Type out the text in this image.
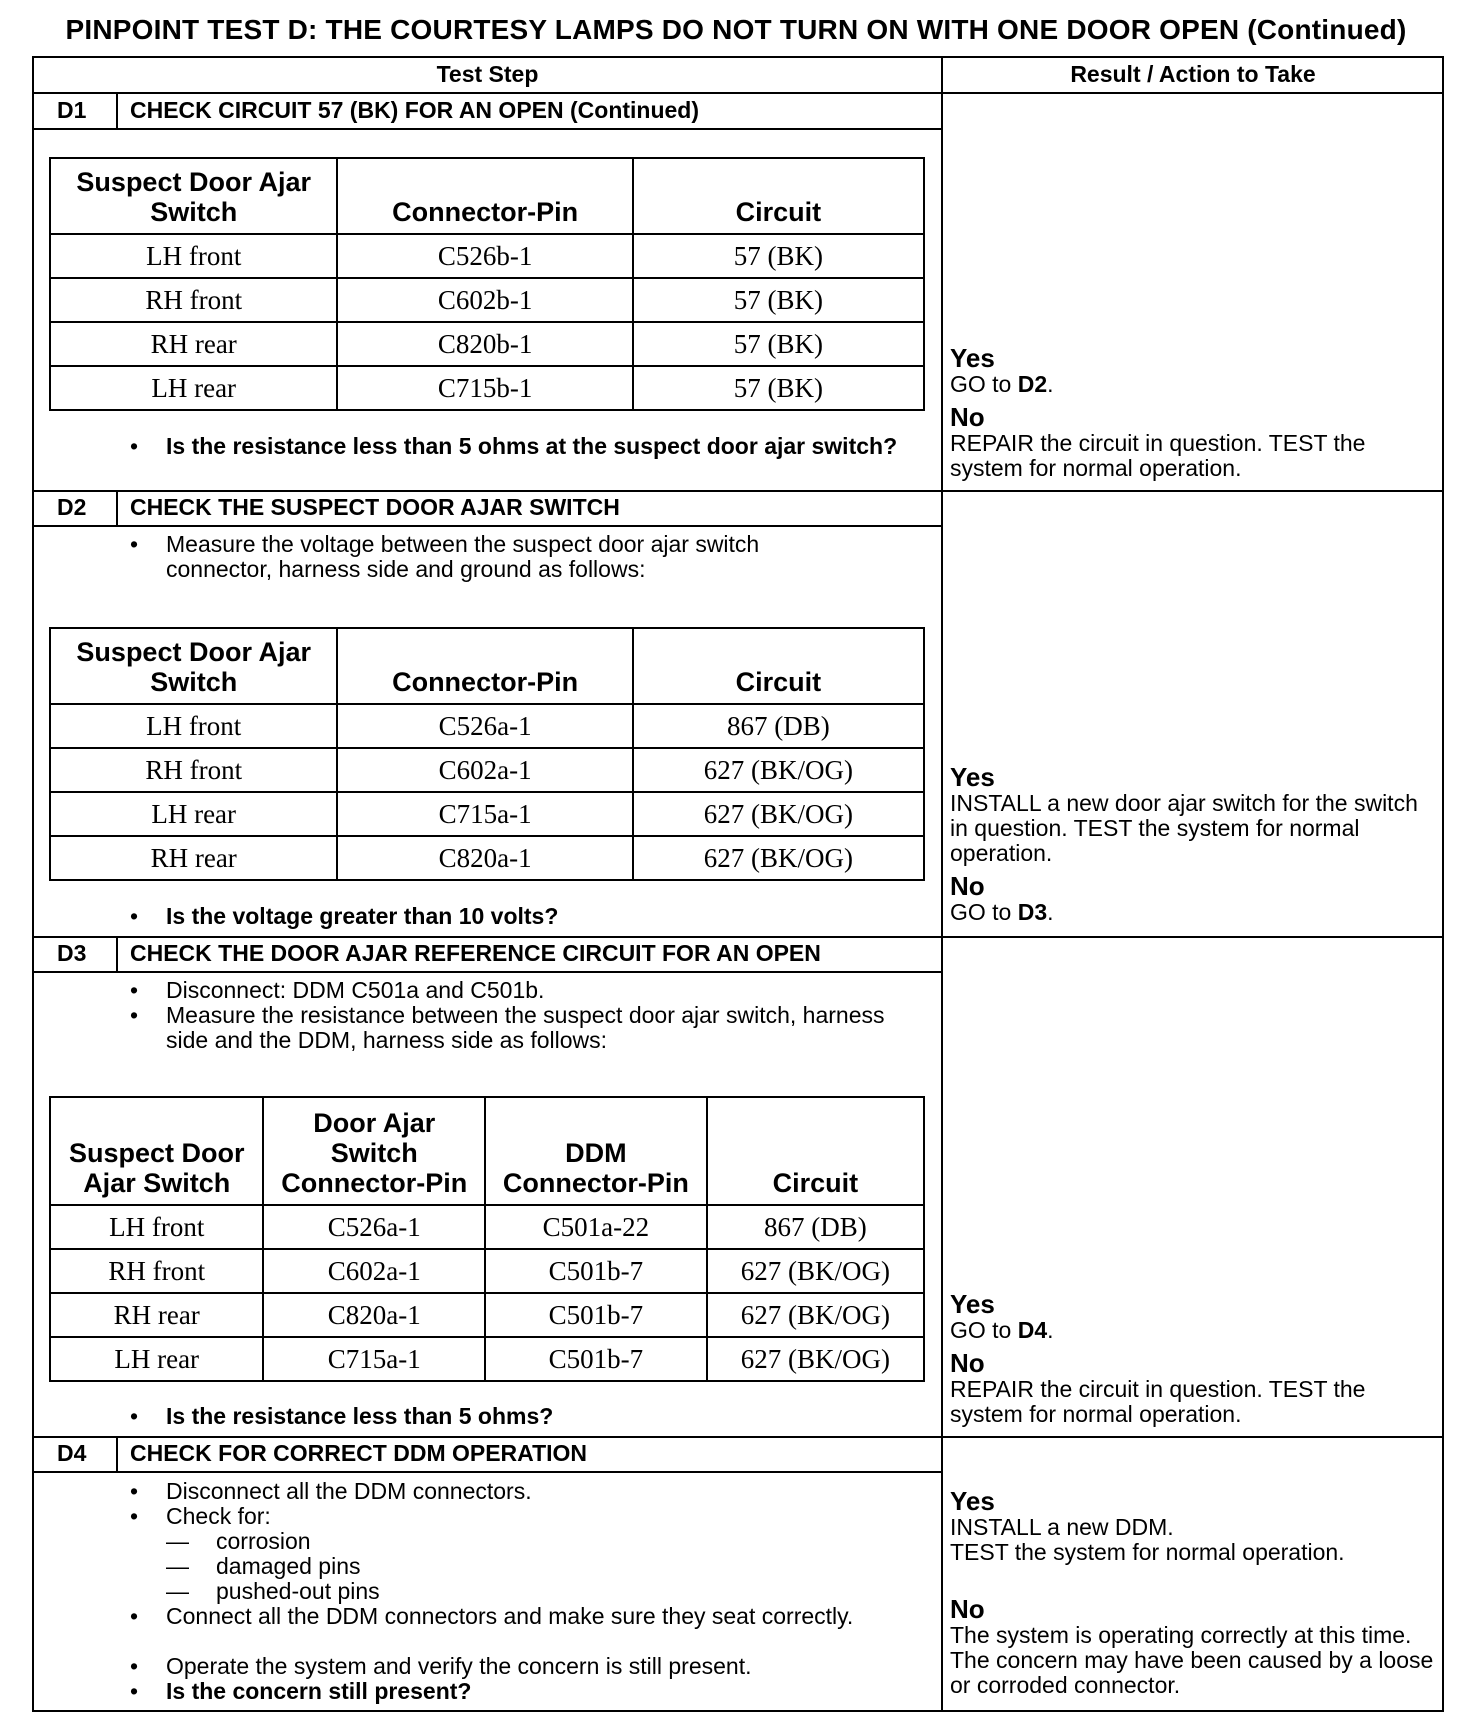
PINPOINT TEST D: THE COURTESY LAMPS DO NOT TURN ON WITH ONE DOOR OPEN (Continued)
Test Step	Result / Action to Take
D1 CHECK CIRCUIT 57 (BK) FOR AN OPEN (Continued)
Suspect Door Ajar Switch	Connector-Pin	Circuit
LH front	C526b-1	57 (BK)
RH front	C602b-1	57 (BK)
RH rear	C820b-1	57 (BK)
LH rear	C715b-1	57 (BK)
• Is the resistance less than 5 ohms at the suspect door ajar switch?
Yes
GO to D2.
No
REPAIR the circuit in question. TEST the system for normal operation.
D2 CHECK THE SUSPECT DOOR AJAR SWITCH
• Measure the voltage between the suspect door ajar switch connector, harness side and ground as follows:
Suspect Door Ajar Switch	Connector-Pin	Circuit
LH front	C526a-1	867 (DB)
RH front	C602a-1	627 (BK/OG)
LH rear	C715a-1	627 (BK/OG)
RH rear	C820a-1	627 (BK/OG)
• Is the voltage greater than 10 volts?
Yes
INSTALL a new door ajar switch for the switch in question. TEST the system for normal operation.
No
GO to D3.
D3 CHECK THE DOOR AJAR REFERENCE CIRCUIT FOR AN OPEN
• Disconnect: DDM C501a and C501b.
• Measure the resistance between the suspect door ajar switch, harness side and the DDM, harness side as follows:
Suspect Door Ajar Switch	Door Ajar Switch Connector-Pin	DDM Connector-Pin	Circuit
LH front	C526a-1	C501a-22	867 (DB)
RH front	C602a-1	C501b-7	627 (BK/OG)
RH rear	C820a-1	C501b-7	627 (BK/OG)
LH rear	C715a-1	C501b-7	627 (BK/OG)
• Is the resistance less than 5 ohms?
Yes
GO to D4.
No
REPAIR the circuit in question. TEST the system for normal operation.
D4 CHECK FOR CORRECT DDM OPERATION
• Disconnect all the DDM connectors.
• Check for:
— corrosion
— damaged pins
— pushed-out pins
• Connect all the DDM connectors and make sure they seat correctly.
• Operate the system and verify the concern is still present.
• Is the concern still present?
Yes
INSTALL a new DDM.
TEST the system for normal operation.
No
The system is operating correctly at this time. The concern may have been caused by a loose or corroded connector.
